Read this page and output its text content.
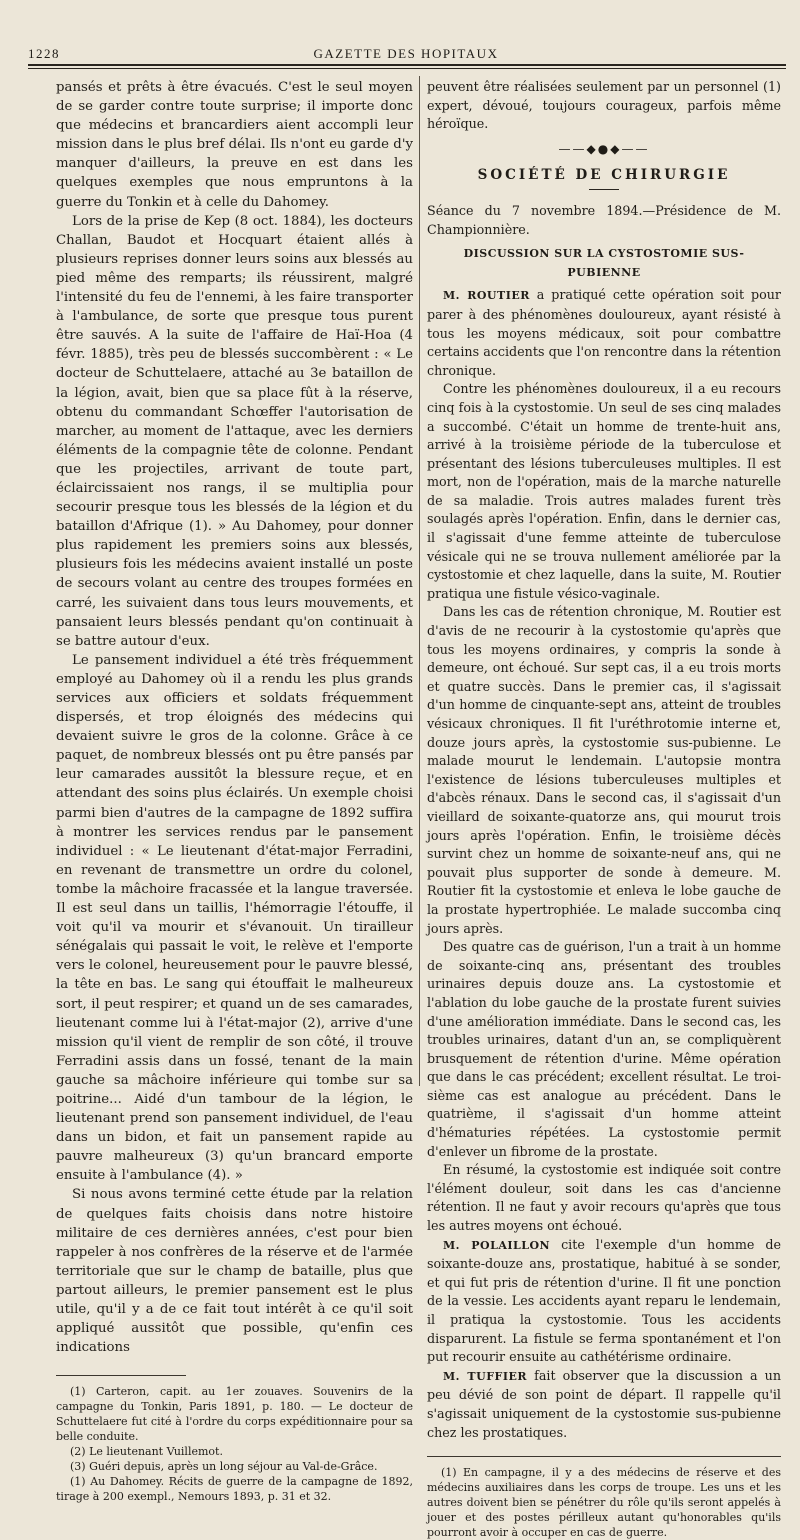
1228	GAZETTE DES HOPITAUX

pansés et prêts à être évacués. C'est le seul moyen de se garder contre toute surprise; il importe donc que médecins et brancardiers aient accompli leur mission dans le plus bref délai. Ils n'ont eu garde d'y manquer d'ailleurs, la preuve en est dans les quelques exemples que nous empruntons à la guerre du Tonkin et à celle du Dahomey.

Lors de la prise de Kep (8 oct. 1884), les docteurs Challan, Baudot et Hocquart étaient allés à plusieurs reprises donner leurs soins aux blessés au pied même des remparts; ils réussirent, malgré l'intensité du feu de l'ennemi, à les faire transporter à l'ambulance, de sorte que presque tous purent être sauvés. A la suite de l'affaire de Haï-Hoa (4 févr. 1885), très peu de blessés succombèrent : « Le docteur de Schuttelaere, attaché au 3e bataillon de la légion, avait, bien que sa place fût à la réserve, obtenu du commandant Schœffer l'autorisation de marcher, au moment de l'attaque, avec les derniers éléments de la compagnie tête de colonne. Pendant que les projectiles, arrivant de toute part, éclaircissaient nos rangs, il se multiplia pour secourir presque tous les blessés de la légion et du bataillon d'Afrique (1). » Au Dahomey, pour donner plus rapidement les premiers soins aux blessés, plusieurs fois les médecins avaient installé un poste de secours volant au centre des troupes formées en carré, les suivaient dans tous leurs mouvements, et pansaient leurs blessés pendant qu'on continuait à se battre autour d'eux.

Le pansement individuel a été très fréquemment employé au Dahomey où il a rendu les plus grands services aux officiers et soldats fréquemment dispersés, et trop éloignés des médecins qui devaient suivre le gros de la colonne. Grâce à ce paquet, de nombreux blessés ont pu être pansés par leur camarades aussitôt la blessure reçue, et en attendant des soins plus éclairés. Un exemple choisi parmi bien d'autres de la campagne de 1892 suffira à montrer les services rendus par le pansement individuel : « Le lieutenant d'état-major Ferradini, en revenant de transmettre un ordre du colonel, tombe la mâchoire fracassée et la langue traversée. Il est seul dans un taillis, l'hémorragie l'étouffe, il voit qu'il va mourir et s'évanouit. Un tirailleur sénégalais qui passait le voit, le relève et l'emporte vers le colonel, heureusement pour le pauvre blessé, la tête en bas. Le sang qui étouffait le malheureux sort, il peut respirer; et quand un de ses camarades, lieutenant comme lui à l'état-major (2), arrive d'une mission qu'il vient de remplir de son côté, il trouve Ferradini assis dans un fossé, tenant de la main gauche sa mâchoire inférieure qui tombe sur sa poitrine... Aidé d'un tambour de la légion, le lieutenant prend son pansement individuel, de l'eau dans un bidon, et fait un pansement rapide au pauvre malheureux (3) qu'un brancard emporte ensuite à l'ambulance (4). »

Si nous avons terminé cette étude par la relation de quelques faits choisis dans notre histoire militaire de ces dernières années, c'est pour bien rappeler à nos confrères de la réserve et de l'armée territoriale que sur le champ de bataille, plus que partout ailleurs, le premier pansement est le plus utile, qu'il y a de ce fait tout intérêt à ce qu'il soit appliqué aussitôt que possible, qu'enfin ces indications

(1) Carteron, capit. au 1er zouaves. Souvenirs de la campagne du Tonkin, Paris 1891, p. 180. — Le docteur de Schuttelaere fut cité à l'ordre du corps expéditionnaire pour sa belle conduite.

(2) Le lieutenant Vuillemot.

(3) Guéri depuis, après un long séjour au Val-de-Grâce.

(1) Au Dahomey. Récits de guerre de la campagne de 1892, tirage à 200 exempl., Nemours 1893, p. 31 et 32.

peuvent être réalisées seulement par un personnel (1) expert, dévoué, toujours courageux, parfois même héroïque.

——◆●◆——
SOCIÉTÉ DE CHIRURGIE

Séance du 7 novembre 1894.—Présidence de M. Championnière.

DISCUSSION SUR LA CYSTOSTOMIE SUS-PUBIENNE

M. ROUTIER a pratiqué cette opération soit pour parer à des phénomènes douloureux, ayant résisté à tous les moyens médicaux, soit pour combattre certains accidents que l'on rencontre dans la rétention chronique.

Contre les phénomènes douloureux, il a eu recours cinq fois à la cystostomie. Un seul de ses cinq malades a succombé. C'était un homme de trente-huit ans, arrivé à la troisième période de la tuberculose et présentant des lésions tuberculeuses multiples. Il est mort, non de l'opération, mais de la marche naturelle de sa maladie. Trois autres malades furent très soulagés après l'opération. Enfin, dans le dernier cas, il s'agissait d'une femme atteinte de tuberculose vésicale qui ne se trouva nullement améliorée par la cystostomie et chez laquelle, dans la suite, M. Routier pratiqua une fistule vésico-vaginale.

Dans les cas de rétention chronique, M. Routier est d'avis de ne recourir à la cystostomie qu'après que tous les moyens ordinaires, y compris la sonde à demeure, ont échoué. Sur sept cas, il a eu trois morts et quatre succès. Dans le premier cas, il s'agissait d'un homme de cinquante-sept ans, atteint de troubles vésicaux chroniques. Il fit l'uréthrotomie interne et, douze jours après, la cystostomie sus-pubienne. Le malade mourut le lendemain. L'autopsie montra l'existence de lésions tuberculeuses multiples et d'abcès rénaux. Dans le second cas, il s'agissait d'un vieillard de soixante-quatorze ans, qui mourut trois jours après l'opération. Enfin, le troisième décès survint chez un homme de soixante-neuf ans, qui ne pouvait plus supporter de sonde à demeure. M. Routier fit la cystostomie et enleva le lobe gauche de la prostate hypertrophiée. Le malade succomba cinq jours après.

Des quatre cas de guérison, l'un a trait à un homme de soixante-cinq ans, présentant des troubles urinaires depuis douze ans. La cystostomie et l'ablation du lobe gauche de la prostate furent suivies d'une amélioration immédiate. Dans le second cas, les troubles urinaires, datant d'un an, se compliquèrent brusquement de rétention d'urine. Même opération que dans le cas précédent; excellent résultat. Le troisième cas est analogue au précédent. Dans le quatrième, il s'agissait d'un homme atteint d'hématuries répétées. La cystostomie permit d'enlever un fibrome de la prostate.

En résumé, la cystostomie est indiquée soit contre l'élément douleur, soit dans les cas d'ancienne rétention. Il ne faut y avoir recours qu'après que tous les autres moyens ont échoué.

M. POLAILLON cite l'exemple d'un homme de soixante-douze ans, prostatique, habitué à se sonder, et qui fut pris de rétention d'urine. Il fit une ponction de la vessie. Les accidents ayant reparu le lendemain, il pratiqua la cystostomie. Tous les accidents disparurent. La fistule se ferma spontanément et l'on put recourir ensuite au cathétérisme ordinaire.

M. TUFFIER fait observer que la discussion a un peu dévié de son point de départ. Il rappelle qu'il s'agissait uniquement de la cystostomie sus-pubienne chez les prostatiques.

(1) En campagne, il y a des médecins de réserve et des médecins auxiliaires dans les corps de troupe. Les uns et les autres doivent bien se pénétrer du rôle qu'ils seront appelés à jouer et des postes périlleux autant qu'honorables qu'ils pourront avoir à occuper en cas de guerre.
